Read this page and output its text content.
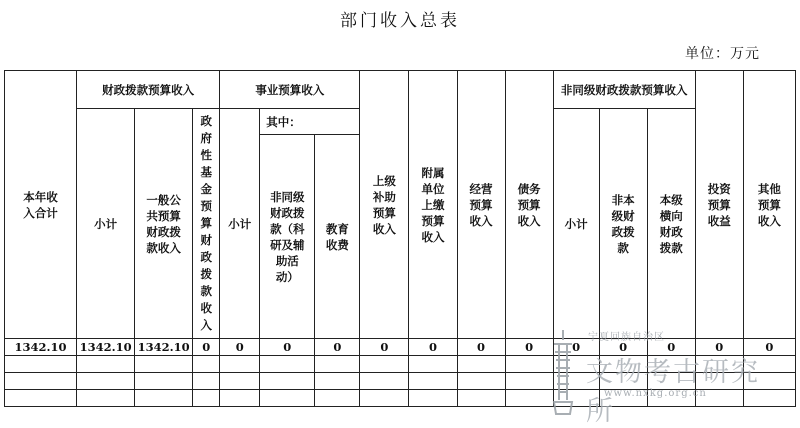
部门收入总表
单位：万元
本年收入合计	财政拨款预算收入			事业预算收入			上级补助预算收入	附属单位上缴预算收入	经营预算收入	债务预算收入	非同级财政拨款预算收入			投资预算收益	其他预算收入
	小计	一般公共预算财政拨款收入	政府性基金预算财政拨款收入	小计	其中：						小计	非本级财政拨款	本级横向财政拨款		
					非同级财政拨款（科研及辅助活动）	教育收费									

1342.10	1342.10	1342.10	0	0	0	0	0	0	0	0	0	0	0	0	0

宁夏回族自治区
文物考古研究所
www.nxkg.org.cn
